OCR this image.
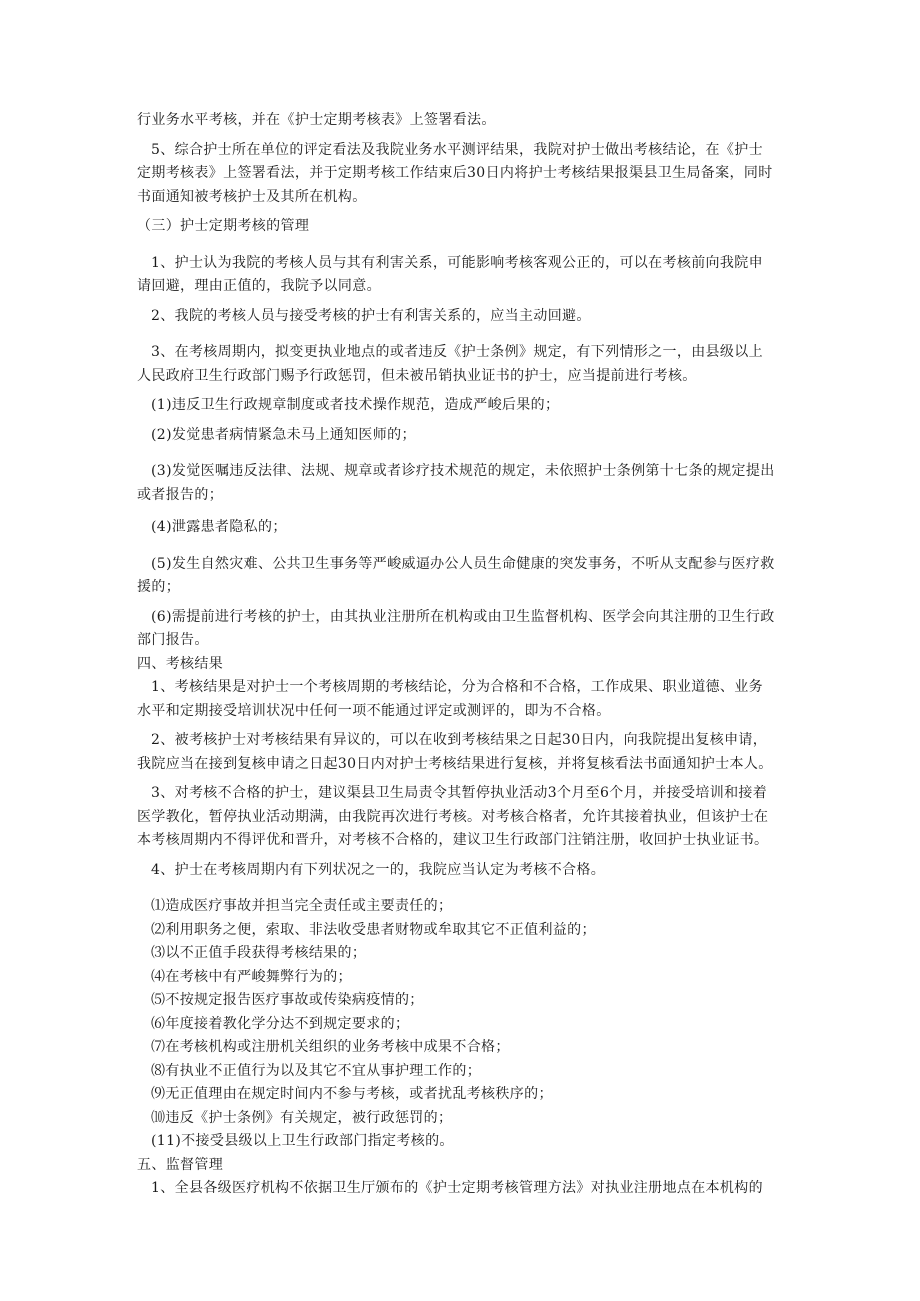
行业务水平考核，并在《护士定期考核表》上签署看法。
5、综合护士所在单位的评定看法及我院业务水平测评结果，我院对护士做出考核结论，在《护士
定期考核表》上签署看法，并于定期考核工作结束后30日内将护士考核结果报渠县卫生局备案，同时
书面通知被考核护士及其所在机构。
（三）护士定期考核的管理
1、护士认为我院的考核人员与其有利害关系，可能影响考核客观公正的，可以在考核前向我院申
请回避，理由正值的，我院予以同意。
2、我院的考核人员与接受考核的护士有利害关系的，应当主动回避。
3、在考核周期内，拟变更执业地点的或者违反《护士条例》规定，有下列情形之一，由县级以上
人民政府卫生行政部门赐予行政惩罚，但未被吊销执业证书的护士，应当提前进行考核。
(1)违反卫生行政规章制度或者技术操作规范，造成严峻后果的；
(2)发觉患者病情紧急未马上通知医师的；
(3)发觉医嘱违反法律、法规、规章或者诊疗技术规范的规定，未依照护士条例第十七条的规定提出
或者报告的；
(4)泄露患者隐私的；
(5)发生自然灾难、公共卫生事务等严峻威逼办公人员生命健康的突发事务，不听从支配参与医疗救
援的；
(6)需提前进行考核的护士，由其执业注册所在机构或由卫生监督机构、医学会向其注册的卫生行政
部门报告。
四、考核结果
1、考核结果是对护士一个考核周期的考核结论，分为合格和不合格，工作成果、职业道德、业务
水平和定期接受培训状况中任何一项不能通过评定或测评的，即为不合格。
2、被考核护士对考核结果有异议的，可以在收到考核结果之日起30日内，向我院提出复核申请，
我院应当在接到复核申请之日起30日内对护士考核结果进行复核，并将复核看法书面通知护士本人。
3、对考核不合格的护士，建议渠县卫生局责令其暂停执业活动3个月至6个月，并接受培训和接着
医学教化，暂停执业活动期满，由我院再次进行考核。对考核合格者，允许其接着执业，但该护士在
本考核周期内不得评优和晋升，对考核不合格的，建议卫生行政部门注销注册，收回护士执业证书。
4、护士在考核周期内有下列状况之一的，我院应当认定为考核不合格。
⑴造成医疗事故并担当完全责任或主要责任的；
⑵利用职务之便，索取、非法收受患者财物或牟取其它不正值利益的；
⑶以不正值手段获得考核结果的；
⑷在考核中有严峻舞弊行为的；
⑸不按规定报告医疗事故或传染病疫情的；
⑹年度接着教化学分达不到规定要求的；
⑺在考核机构或注册机关组织的业务考核中成果不合格；
⑻有执业不正值行为以及其它不宜从事护理工作的；
⑼无正值理由在规定时间内不参与考核，或者扰乱考核秩序的；
⑽违反《护士条例》有关规定，被行政惩罚的；
(11)不接受县级以上卫生行政部门指定考核的。
五、监督管理
1、全县各级医疗机构不依据卫生厅颁布的《护士定期考核管理方法》对执业注册地点在本机构的
